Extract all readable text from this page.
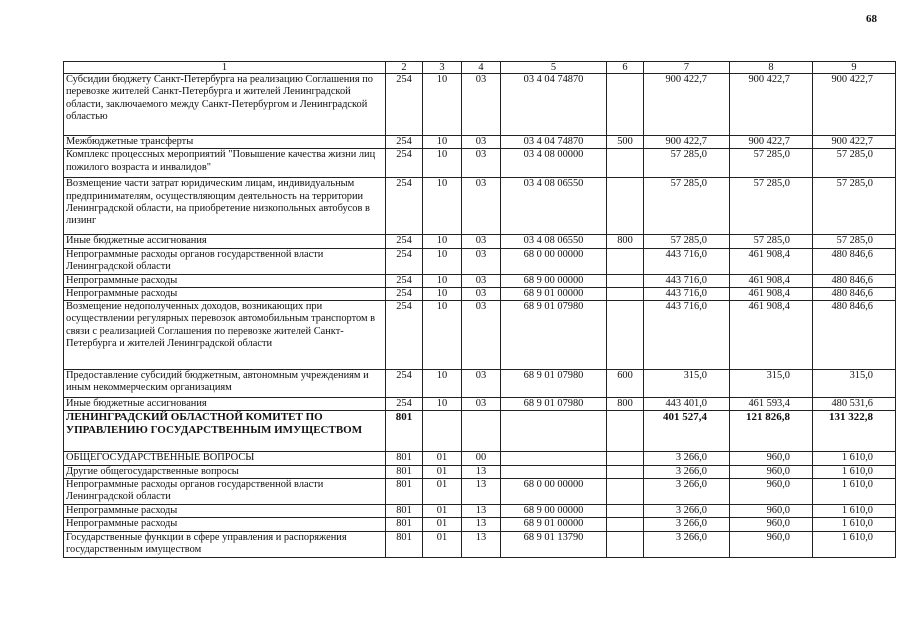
68
1	2	3	4	5	6	7	8	9
Субсидии бюджету Санкт-Петербурга на реализацию Соглашения по перевозке жителей Санкт-Петербурга и жителей Ленинградской области, заключаемого между Санкт-Петербургом и Ленинградской областью	254	10	03	03 4 04 74870		900 422,7	900 422,7	900 422,7
Межбюджетные трансферты	254	10	03	03 4 04 74870	500	900 422,7	900 422,7	900 422,7
Комплекс процессных мероприятий "Повышение качества жизни лиц пожилого возраста и инвалидов"	254	10	03	03 4 08 00000		57 285,0	57 285,0	57 285,0
Возмещение части затрат юридическим лицам, индивидуальным предпринимателям, осуществляющим деятельность на территории Ленинградской области, на приобретение низкопольных автобусов в лизинг	254	10	03	03 4 08 06550		57 285,0	57 285,0	57 285,0
Иные бюджетные ассигнования	254	10	03	03 4 08 06550	800	57 285,0	57 285,0	57 285,0
Непрограммные расходы органов государственной власти Ленинградской области	254	10	03	68 0 00 00000		443 716,0	461 908,4	480 846,6
Непрограммные расходы	254	10	03	68 9 00 00000		443 716,0	461 908,4	480 846,6
Непрограммные расходы	254	10	03	68 9 01 00000		443 716,0	461 908,4	480 846,6
Возмещение недополученных доходов, возникающих при осуществлении регулярных перевозок автомобильным транспортом в связи с реализацией Соглашения по перевозке жителей Санкт-Петербурга и жителей Ленинградской области	254	10	03	68 9 01 07980		443 716,0	461 908,4	480 846,6
Предоставление субсидий бюджетным, автономным учреждениям и иным некоммерческим организациям	254	10	03	68 9 01 07980	600	315,0	315,0	315,0
Иные бюджетные ассигнования	254	10	03	68 9 01 07980	800	443 401,0	461 593,4	480 531,6
ЛЕНИНГРАДСКИЙ ОБЛАСТНОЙ КОМИТЕТ ПО УПРАВЛЕНИЮ ГОСУДАРСТВЕННЫМ ИМУЩЕСТВОМ	801					401 527,4	121 826,8	131 322,8
ОБЩЕГОСУДАРСТВЕННЫЕ ВОПРОСЫ	801	01	00			3 266,0	960,0	1 610,0
Другие общегосударственные вопросы	801	01	13			3 266,0	960,0	1 610,0
Непрограммные расходы органов государственной власти Ленинградской области	801	01	13	68 0 00 00000		3 266,0	960,0	1 610,0
Непрограммные расходы	801	01	13	68 9 00 00000		3 266,0	960,0	1 610,0
Непрограммные расходы	801	01	13	68 9 01 00000		3 266,0	960,0	1 610,0
Государственные функции в сфере управления и распоряжения государственным имуществом	801	01	13	68 9 01 13790		3 266,0	960,0	1 610,0
